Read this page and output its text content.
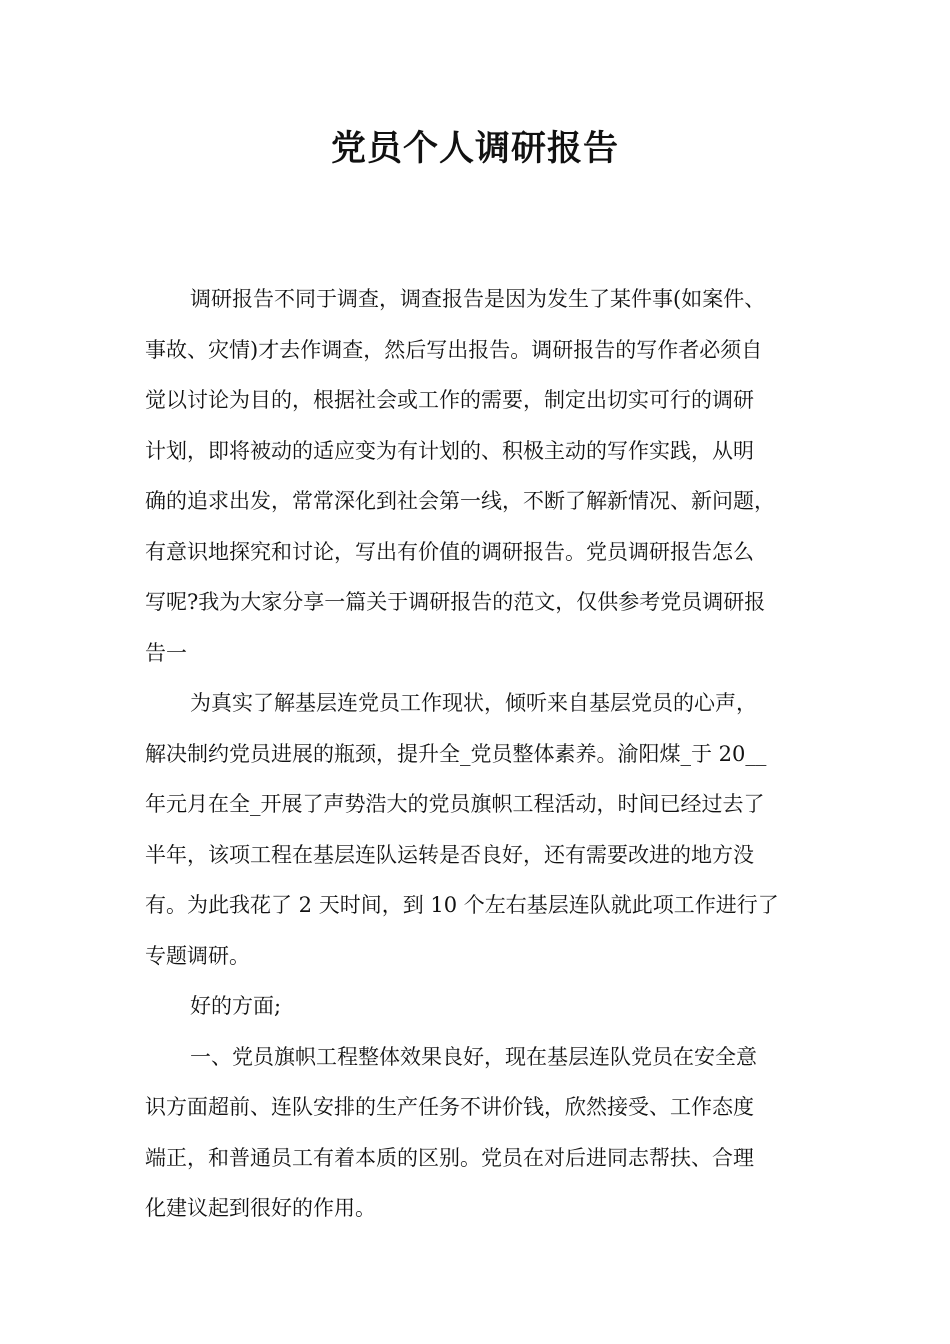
党员个人调研报告
调研报告不同于调查，调查报告是因为发生了某件事(如案件、
事故、灾情)才去作调查，然后写出报告。调研报告的写作者必须自
觉以讨论为目的，根据社会或工作的需要，制定出切实可行的调研
计划，即将被动的适应变为有计划的、积极主动的写作实践，从明
确的追求出发，常常深化到社会第一线，不断了解新情况、新问题，
有意识地探究和讨论，写出有价值的调研报告。党员调研报告怎么
写呢?我为大家分享一篇关于调研报告的范文，仅供参考党员调研报
告一
为真实了解基层连党员工作现状，倾听来自基层党员的心声，
解决制约党员进展的瓶颈，提升全_党员整体素养。渝阳煤_于 20__
年元月在全_开展了声势浩大的党员旗帜工程活动，时间已经过去了
半年，该项工程在基层连队运转是否良好，还有需要改进的地方没
有。为此我花了 2 天时间，到 10 个左右基层连队就此项工作进行了
专题调研。
好的方面;
一、党员旗帜工程整体效果良好，现在基层连队党员在安全意
识方面超前、连队安排的生产任务不讲价钱，欣然接受、工作态度
端正，和普通员工有着本质的区别。党员在对后进同志帮扶、合理
化建议起到很好的作用。
